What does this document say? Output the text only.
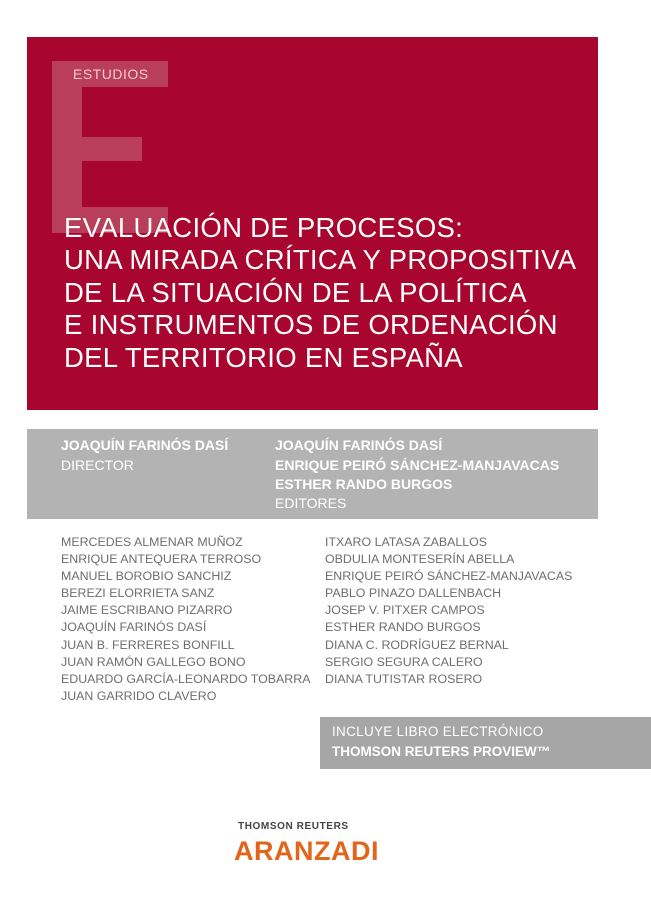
ESTUDIOS
EVALUACIÓN DE PROCESOS:
UNA MIRADA CRÍTICA Y PROPOSITIVA
DE LA SITUACIÓN DE LA POLÍTICA
E INSTRUMENTOS DE ORDENACIÓN
DEL TERRITORIO EN ESPAÑA
JOAQUÍN FARINÓS DASÍ
DIRECTOR
JOAQUÍN FARINÓS DASÍ
ENRIQUE PEIRÓ SÁNCHEZ-MANJAVACAS
ESTHER RANDO BURGOS
EDITORES
MERCEDES ALMENAR MUÑOZ
ENRIQUE ANTEQUERA TERROSO
MANUEL BOROBIO SANCHIZ
BEREZI ELORRIETA SANZ
JAIME ESCRIBANO PIZARRO
JOAQUÍN FARINÓS DASÍ
JUAN B. FERRERES BONFILL
JUAN RAMÓN GALLEGO BONO
EDUARDO GARCÍA-LEONARDO TOBARRA
JUAN GARRIDO CLAVERO
ITXARO LATASA ZABALLOS
OBDULIA MONTESERÍN ABELLA
ENRIQUE PEIRÓ SÁNCHEZ-MANJAVACAS
PABLO PINAZO DALLENBACH
JOSEP V. PITXER CAMPOS
ESTHER RANDO BURGOS
DIANA C. RODRÍGUEZ BERNAL
SERGIO SEGURA CALERO
DIANA TUTISTAR ROSERO
INCLUYE LIBRO ELECTRÓNICO
THOMSON REUTERS PROVIEW™
THOMSON REUTERS
ARANZADI
